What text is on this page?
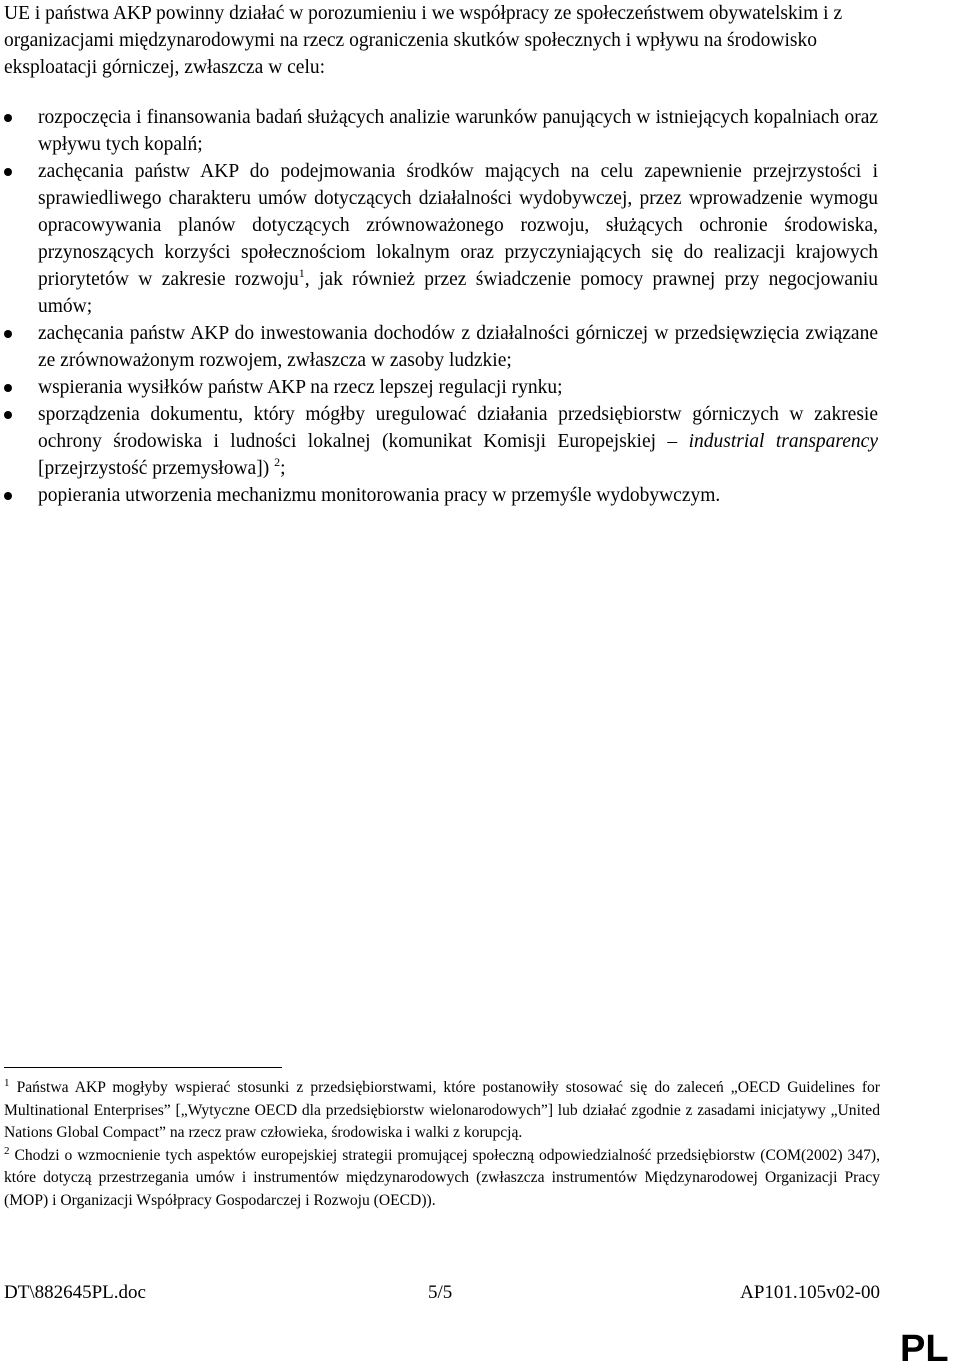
UE i państwa AKP powinny działać w porozumieniu i we współpracy ze społeczeństwem obywatelskim i z organizacjami międzynarodowymi na rzecz ograniczenia skutków społecznych i wpływu na środowisko eksploatacji górniczej, zwłaszcza w celu:
rozpoczęcia i finansowania badań służących analizie warunków panujących w istniejących kopalniach oraz wpływu tych kopalń;
zachęcania państw AKP do podejmowania środków mających na celu zapewnienie przejrzystości i sprawiedliwego charakteru umów dotyczących działalności wydobywczej, przez wprowadzenie wymogu opracowywania planów dotyczących zrównoważonego rozwoju, służących ochronie środowiska, przynoszących korzyści społecznościom lokalnym oraz przyczyniających się do realizacji krajowych priorytetów w zakresie rozwoju$^1$, jak również przez świadczenie pomocy prawnej przy negocjowaniu umów;
zachęcania państw AKP do inwestowania dochodów z działalności górniczej w przedsięwzięcia związane ze zrównoważonym rozwojem, zwłaszcza w zasoby ludzkie;
wspierania wysiłków państw AKP na rzecz lepszej regulacji rynku;
sporządzenia dokumentu, który mógłby uregulować działania przedsiębiorstw górniczych w zakresie ochrony środowiska i ludności lokalnej (komunikat Komisji Europejskiej – industrial transparency [przejrzystość przemysłowa]) $^2$;
popierania utworzenia mechanizmu monitorowania pracy w przemyśle wydobywczym.

$^1$ Państwa AKP mogłyby wspierać stosunki z przedsiębiorstwami, które postanowiły stosować się do zaleceń „OECD Guidelines for Multinational Enterprises” [„Wytyczne OECD dla przedsiębiorstw wielonarodowych”] lub działać zgodnie z zasadami inicjatywy „United Nations Global Compact” na rzecz praw człowieka, środowiska i walki z korupcją.

$^2$ Chodzi o wzmocnienie tych aspektów europejskiej strategii promującej społeczną odpowiedzialność przedsiębiorstw (COM(2002) 347), które dotyczą przestrzegania umów i instrumentów międzynarodowych (zwłaszcza instrumentów Międzynarodowej Organizacji Pracy (MOP) i Organizacji Współpracy Gospodarczej i Rozwoju (OECD)).

DT\882645PL.doc	5/5	AP101.105v02-00
PL
